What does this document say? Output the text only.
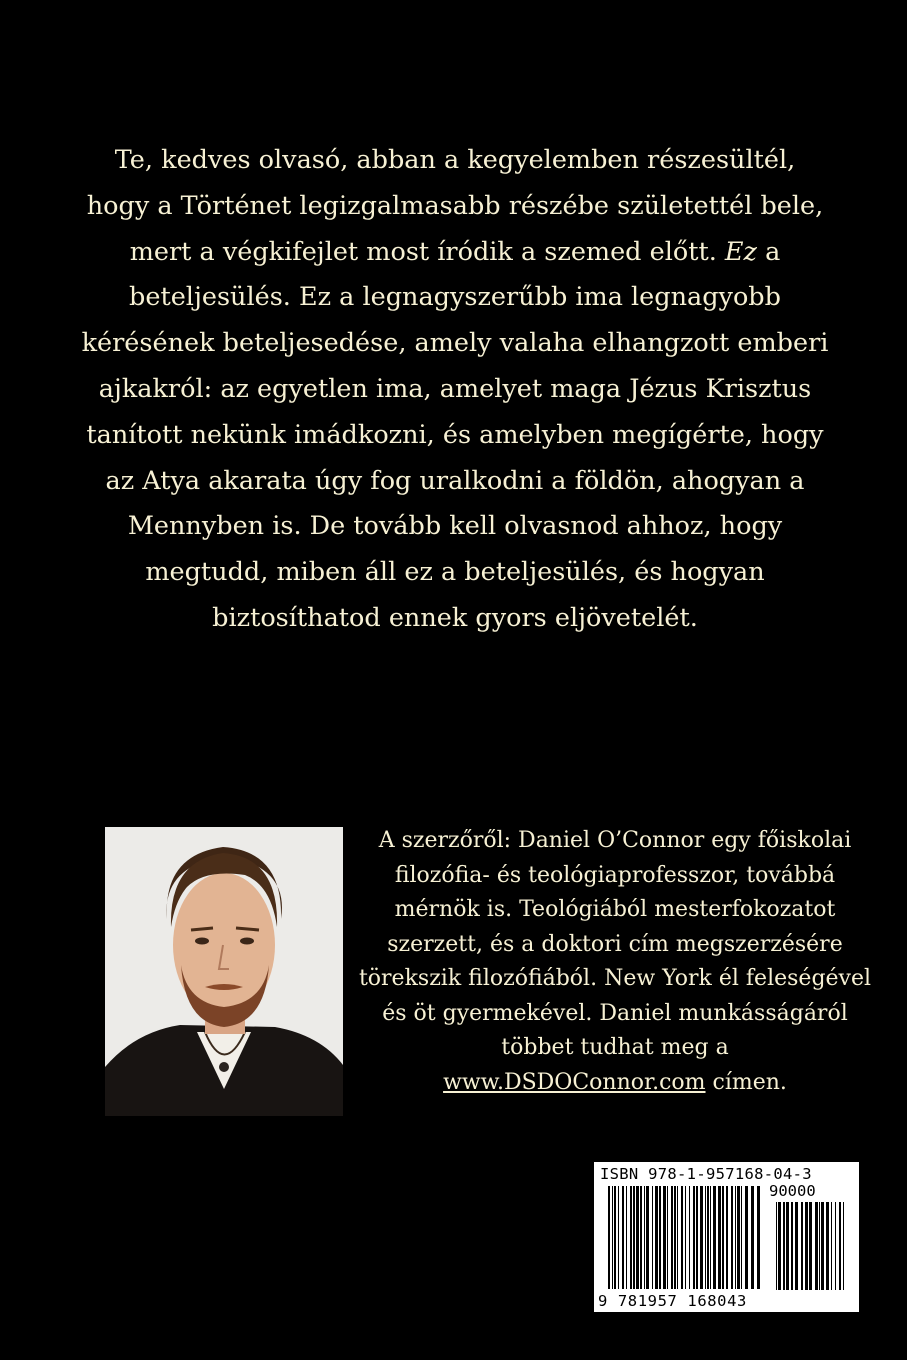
Te, kedves olvasó, abban a kegyelemben részesültél, hogy a Történet legizgalmasabb részébe születettél bele, mert a végkifejlet most íródik a szemed előtt. Ez a beteljesülés. Ez a legnagyszerűbb ima legnagyobb kérésének beteljesedése, amely valaha elhangzott emberi ajkakról: az egyetlen ima, amelyet maga Jézus Krisztus tanított nekünk imádkozni, és amelyben megígérte, hogy az Atya akarata úgy fog uralkodni a földön, ahogyan a Mennyben is. De tovább kell olvasnod ahhoz, hogy megtudd, miben áll ez a beteljesülés, és hogyan biztosíthatod ennek gyors eljövetelét.

A szerzőről: Daniel O’Connor egy főiskolai filozófia- és teológiaprofesszor, továbbá mérnök is. Teológiából mesterfokozatot szerzett, és a doktori cím megszerzésére törekszik filozófiából. New York él feleségével és öt gyermekével. Daniel munkásságáról többet tudhat meg a
www.DSDOConnor.com címen.

ISBN 978-1-957168-04-3
90000
9 781957 168043
